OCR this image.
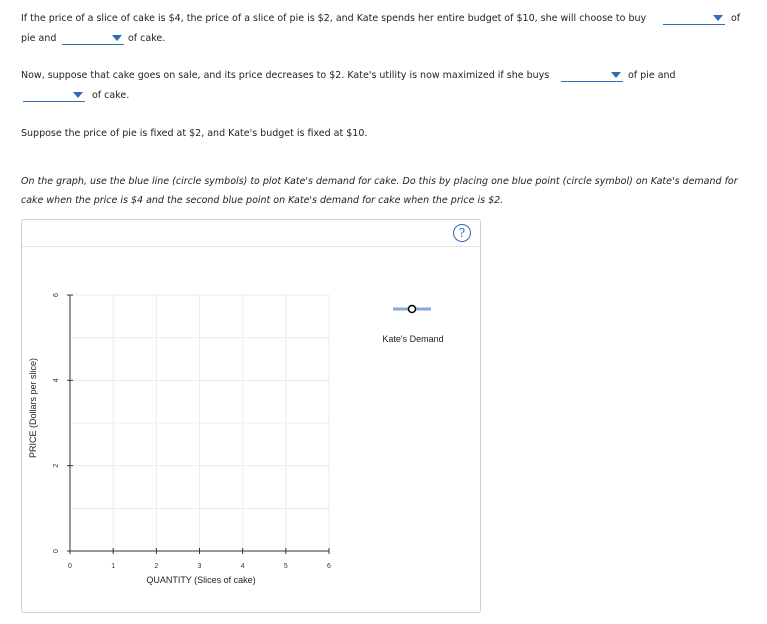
If the price of a slice of cake is $4, the price of a slice of pie is $2, and Kate spends her entire budget of $10, she will choose to buy	of
pie and	of cake.
Now, suppose that cake goes on sale, and its price decreases to $2. Kate's utility is now maximized if she buys	of pie and
of cake.
Suppose the price of pie is fixed at $2, and Kate's budget is fixed at $10.
On the graph, use the blue line (circle symbols) to plot Kate's demand for cake. Do this by placing one blue point (circle symbol) on Kate's demand for
cake when the price is $4 and the second blue point on Kate's demand for cake when the price is $2.
?
0	1	2	3	4	5	6
0
2
4
6
QUANTITY (Slices of cake)
PRICE (Dollars per slice)
Kate's Demand
